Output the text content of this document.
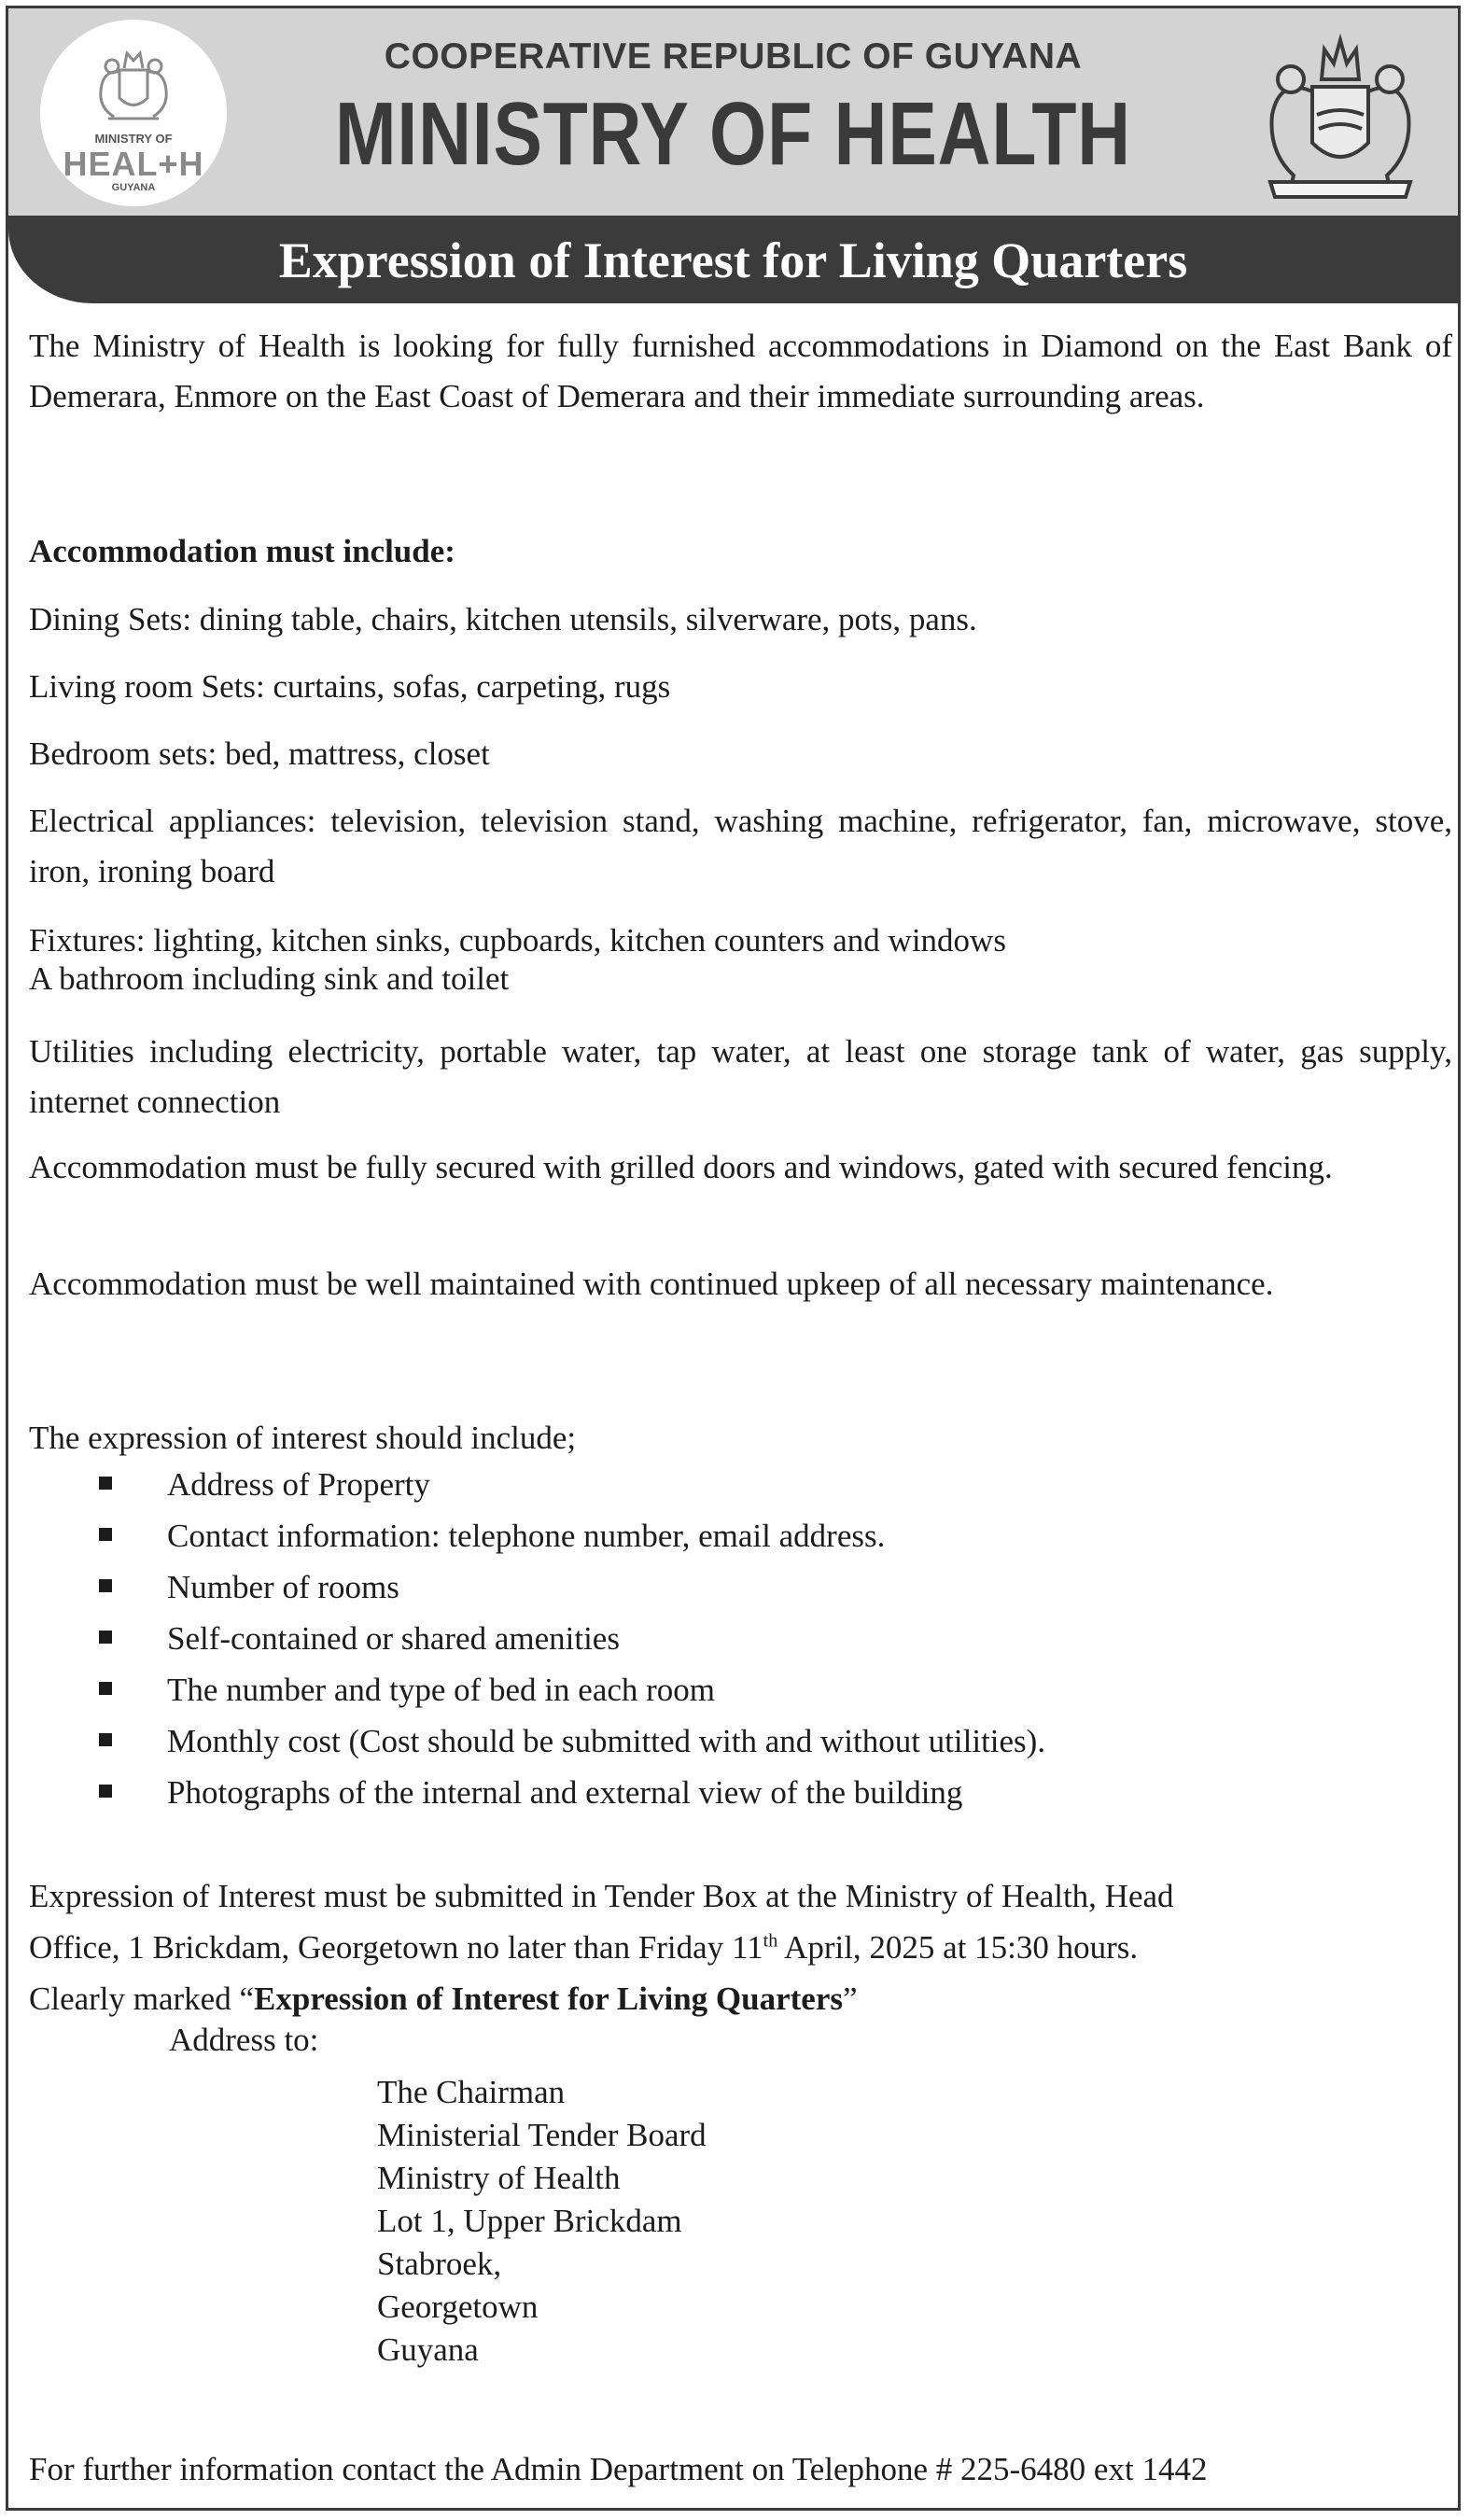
MINISTRY OF
HEAL+H
GUYANA
COOPERATIVE REPUBLIC OF GUYANA
MINISTRY OF HEALTH
Expression of Interest for Living Quarters
The Ministry of Health is looking for fully furnished accommodations in Diamond on the East Bank of Demerara, Enmore on the East Coast of Demerara and their immediate surrounding areas.
Accommodation must include:
Dining Sets: dining table, chairs, kitchen utensils, silverware, pots, pans.
Living room Sets: curtains, sofas, carpeting, rugs
Bedroom sets: bed, mattress, closet
Electrical appliances: television, television stand, washing machine, refrigerator, fan, microwave, stove, iron, ironing board
Fixtures: lighting, kitchen sinks, cupboards, kitchen counters and windows
A bathroom including sink and toilet
Utilities including electricity, portable water, tap water, at least one storage tank of water, gas supply, internet connection
Accommodation must be fully secured with grilled doors and windows, gated with secured fencing.
Accommodation must be well maintained with continued upkeep of all necessary maintenance.
The expression of interest should include;
Address of Property
Contact information: telephone number, email address.
Number of rooms
Self-contained or shared amenities
The number and type of bed in each room
Monthly cost (Cost should be submitted with and without utilities).
Photographs of the internal and external view of the building
Expression of Interest must be submitted in Tender Box at the Ministry of Health, Head
Office, 1 Brickdam, Georgetown no later than Friday 11th April, 2025 at 15:30 hours.
Clearly marked “Expression of Interest for Living Quarters”
Address to:
The Chairman
Ministerial Tender Board
Ministry of Health
Lot 1, Upper Brickdam
Stabroek,
Georgetown
Guyana
For further information contact the Admin Department on Telephone # 225-6480 ext 1442
